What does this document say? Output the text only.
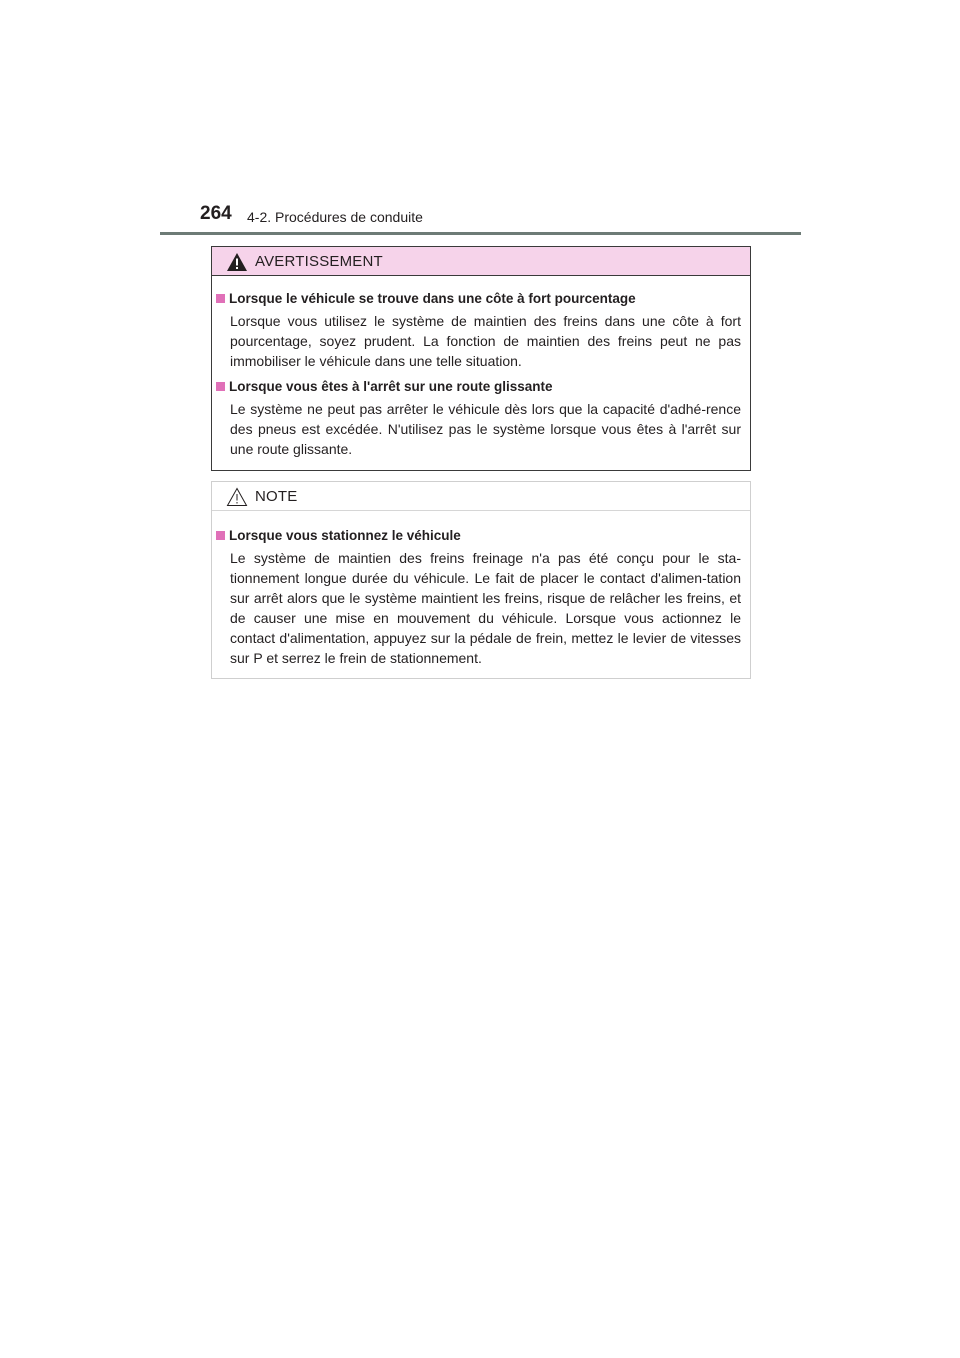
264 4-2. Procédures de conduite
AVERTISSEMENT
Lorsque le véhicule se trouve dans une côte à fort pourcentage

Lorsque vous utilisez le système de maintien des freins dans une côte à fort pourcentage, soyez prudent. La fonction de maintien des freins peut ne pas immobiliser le véhicule dans une telle situation.

Lorsque vous êtes à l'arrêt sur une route glissante

Le système ne peut pas arrêter le véhicule dès lors que la capacité d'adhé-rence des pneus est excédée. N'utilisez pas le système lorsque vous êtes à l'arrêt sur une route glissante.

NOTE
Lorsque vous stationnez le véhicule

Le système de maintien des freins freinage n'a pas été conçu pour le sta-tionnement longue durée du véhicule. Le fait de placer le contact d'alimen-tation sur arrêt alors que le système maintient les freins, risque de relâcher les freins, et de causer une mise en mouvement du véhicule. Lorsque vous actionnez le contact d'alimentation, appuyez sur la pédale de frein, mettez le levier de vitesses sur P et serrez le frein de stationnement.
